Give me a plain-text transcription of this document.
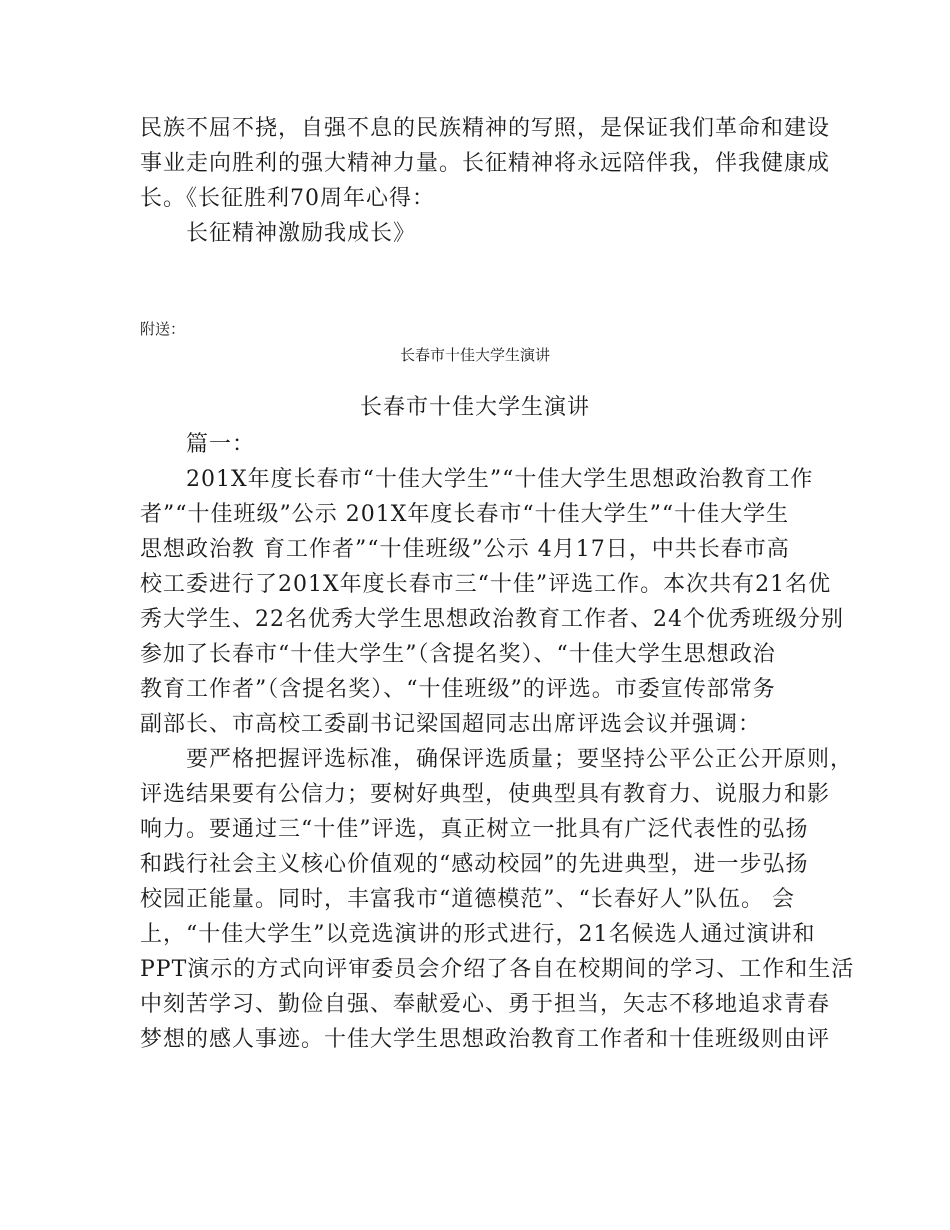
民族不屈不挠，自强不息的民族精神的写照，是保证我们革命和建设
事业走向胜利的强大精神力量。长征精神将永远陪伴我，伴我健康成
长。《长征胜利70周年心得：
长征精神激励我成长》
附送：
长春市十佳大学生演讲
长春市十佳大学生演讲
篇一：
201X年度长春市“十佳大学生”“十佳大学生思想政治教育工作
者”“十佳班级”公示 201X年度长春市“十佳大学生”“十佳大学生
思想政治教 育工作者”“十佳班级”公示 4月17日，中共长春市高
校工委进行了201X年度长春市三“十佳”评选工作。本次共有21名优
秀大学生、22名优秀大学生思想政治教育工作者、24个优秀班级分别
参加了长春市“十佳大学生”（含提名奖）、“十佳大学生思想政治
教育工作者”（含提名奖）、“十佳班级”的评选。市委宣传部常务
副部长、市高校工委副书记梁国超同志出席评选会议并强调：
要严格把握评选标准，确保评选质量；要坚持公平公正公开原则，
评选结果要有公信力；要树好典型，使典型具有教育力、说服力和影
响力。要通过三“十佳”评选，真正树立一批具有广泛代表性的弘扬
和践行社会主义核心价值观的“感动校园”的先进典型，进一步弘扬
校园正能量。同时，丰富我市“道德模范”、“长春好人”队伍。 会
上，“十佳大学生”以竞选演讲的形式进行，21名候选人通过演讲和
PPT演示的方式向评审委员会介绍了各自在校期间的学习、工作和生活
中刻苦学习、勤俭自强、奉献爱心、勇于担当，矢志不移地追求青春
梦想的感人事迹。十佳大学生思想政治教育工作者和十佳班级则由评
